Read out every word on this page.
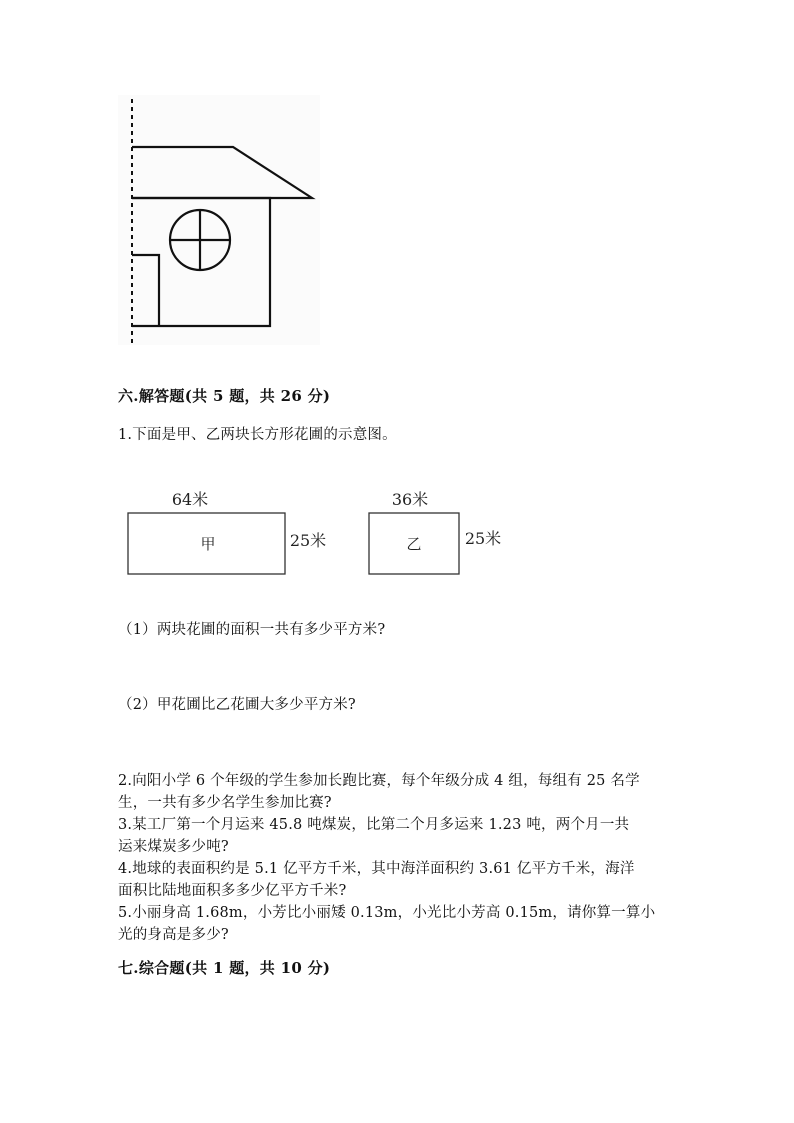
六.解答题(共 5 题，共 26 分)
1.下面是甲、乙两块长方形花圃的示意图。
64米
甲	25米
36米
乙	25米
（1）两块花圃的面积一共有多少平方米?
（2）甲花圃比乙花圃大多少平方米?
2.向阳小学 6 个年级的学生参加长跑比赛，每个年级分成 4 组，每组有 25 名学
生，一共有多少名学生参加比赛?
3.某工厂第一个月运来 45.8 吨煤炭，比第二个月多运来 1.23 吨，两个月一共
运来煤炭多少吨?
4.地球的表面积约是 5.1 亿平方千米，其中海洋面积约 3.61 亿平方千米，海洋
面积比陆地面积多多少亿平方千米?
5.小丽身高 1.68m，小芳比小丽矮 0.13m，小光比小芳高 0.15m，请你算一算小
光的身高是多少?
七.综合题(共 1 题，共 10 分)
